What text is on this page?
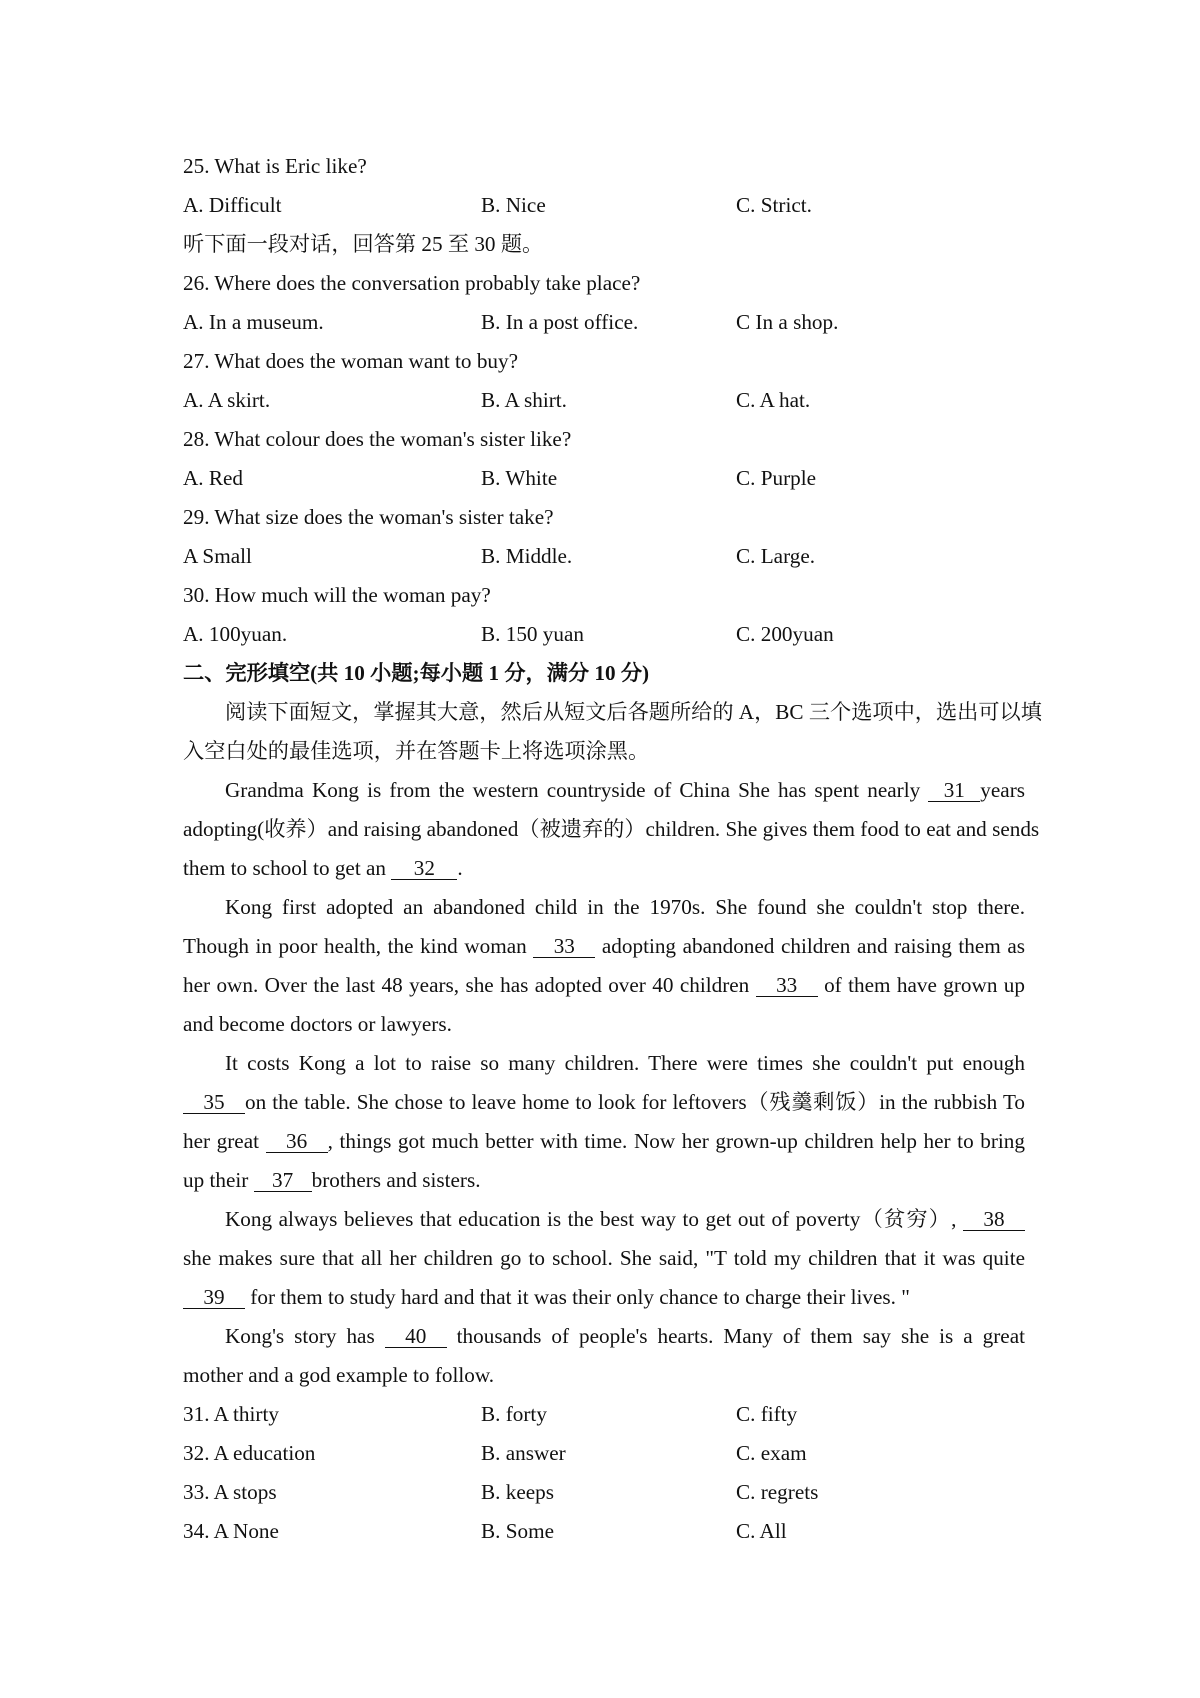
25. What is Eric like?
A. Difficult	B. Nice	C. Strict.
听下面一段对话，回答第 25 至 30 题。
26. Where does the conversation probably take place?
A. In a museum.	B. In a post office.	C In a shop.
27. What does the woman want to buy?
A. A skirt.	B. A shirt.	C. A hat.
28. What colour does the woman's sister like?
A. Red	B. White	C. Purple
29. What size does the woman's sister take?
A Small	B. Middle.	C. Large.
30. How much will the woman pay?
A. 100yuan.	B. 150 yuan	C. 200yuan
二、完形填空(共 10 小题;每小题 1 分，满分 10 分)
阅读下面短文，掌握其大意，然后从短文后各题所给的 A，BC 三个选项中，选出可以填
入空白处的最佳选项，并在答题卡上将选项涂黑。
Grandma Kong is from the western countryside of China She has spent nearly 31 years
adopting(收养）and raising abandoned（被遗弃的）children. She gives them food to eat and sends
them to school to get an 32 .
Kong first adopted an abandoned child in the 1970s. She found she couldn't stop there.
Though in poor health, the kind woman 33 adopting abandoned children and raising them as
her own. Over the last 48 years, she has adopted over 40 children 33 of them have grown up
and become doctors or lawyers.
It costs Kong a lot to raise so many children. There were times she couldn't put enough
35 on the table. She chose to leave home to look for leftovers（残羹剩饭）in the rubbish To
her great 36 , things got much better with time. Now her grown-up children help her to bring
up their 37 brothers and sisters.
Kong always believes that education is the best way to get out of poverty（贫穷）, 38
she makes sure that all her children go to school. She said, "T told my children that it was quite
39 for them to study hard and that it was their only chance to charge their lives. "
Kong's story has 40 thousands of people's hearts. Many of them say she is a great
mother and a god example to follow.
31. A thirty	B. forty	C. fifty
32. A education	B. answer	C. exam
33. A stops	B. keeps	C. regrets
34. A None	B. Some	C. All
